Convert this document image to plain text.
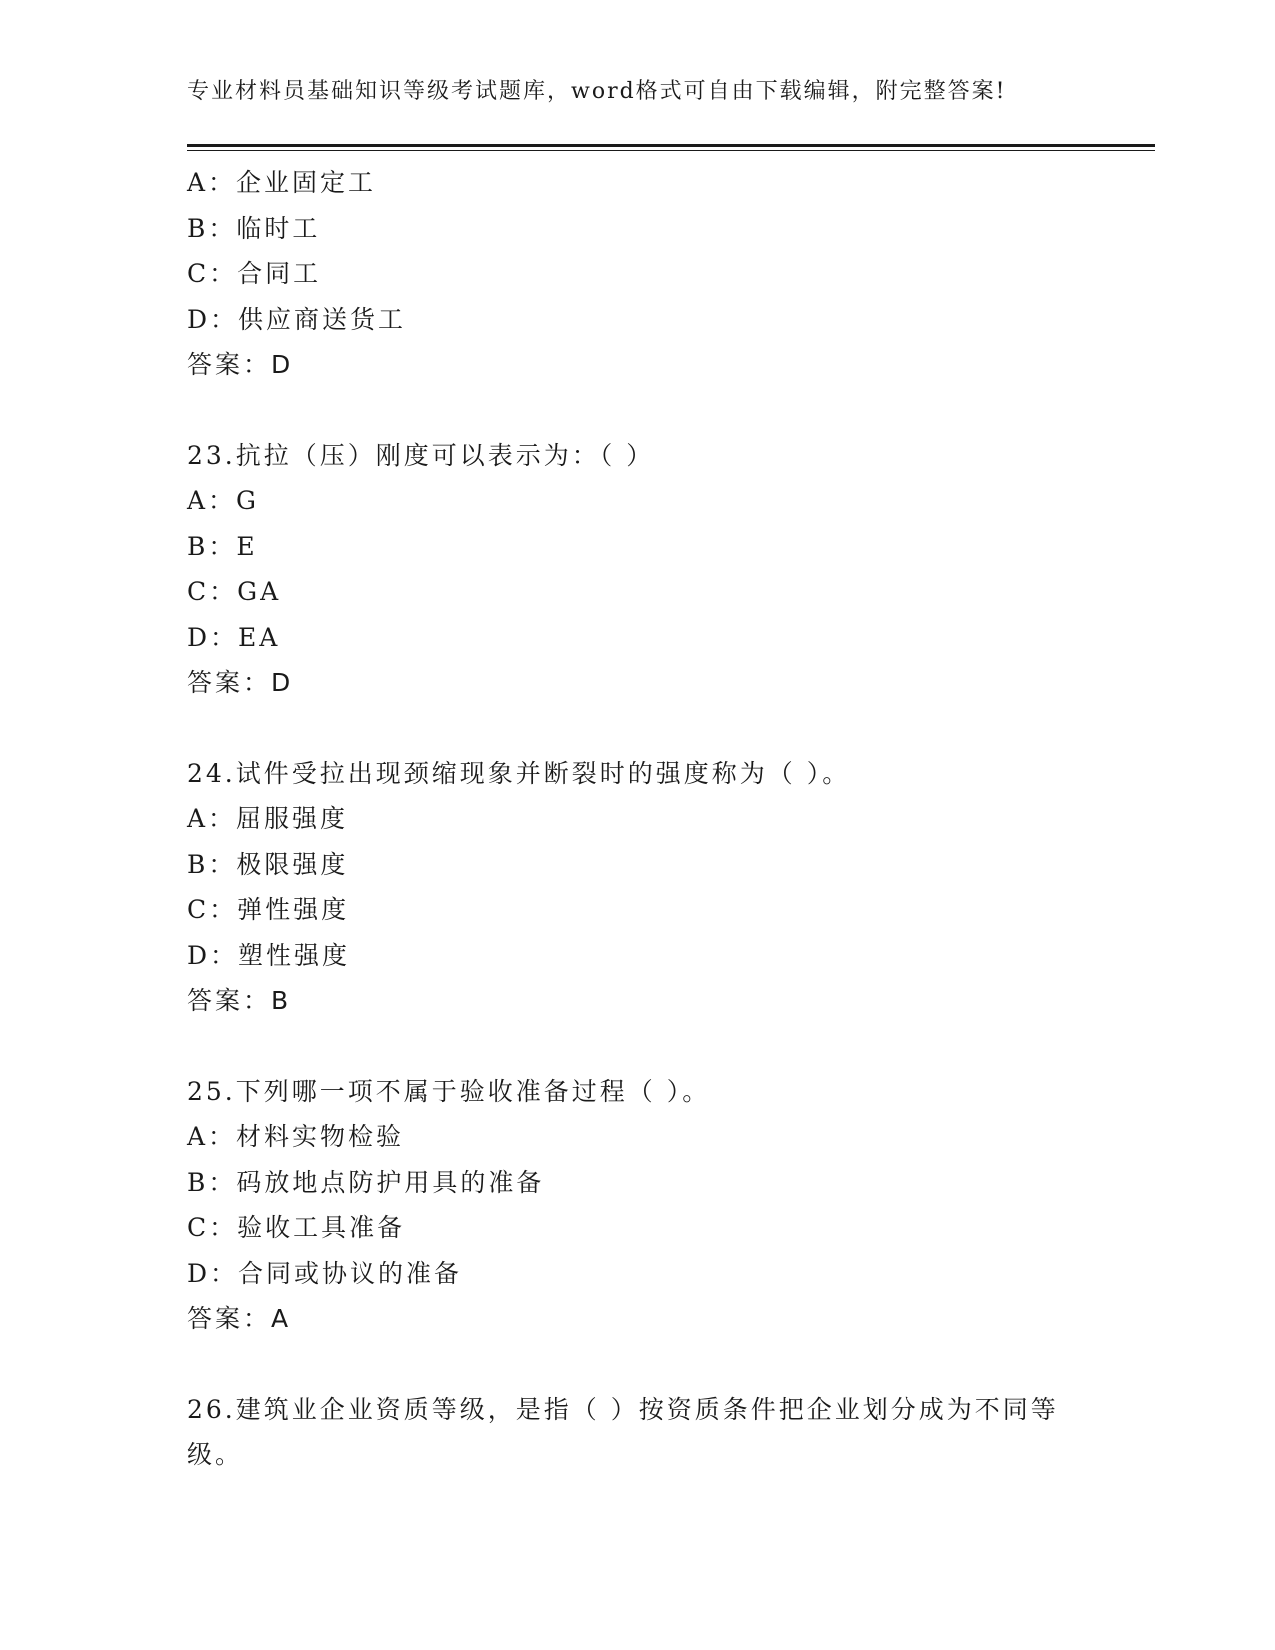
专业材料员基础知识等级考试题库，word格式可自由下载编辑，附完整答案!
A：企业固定工
B：临时工
C：合同工
D：供应商送货工
答案：D
23.抗拉（压）刚度可以表示为：（ ）
A：G
B：E
C：GA
D：EA
答案：D
24.试件受拉出现颈缩现象并断裂时的强度称为（ ）。
A：屈服强度
B：极限强度
C：弹性强度
D：塑性强度
答案：B
25.下列哪一项不属于验收准备过程（ ）。
A：材料实物检验
B：码放地点防护用具的准备
C：验收工具准备
D：合同或协议的准备
答案：A
26.建筑业企业资质等级，是指（ ）按资质条件把企业划分成为不同等级。
